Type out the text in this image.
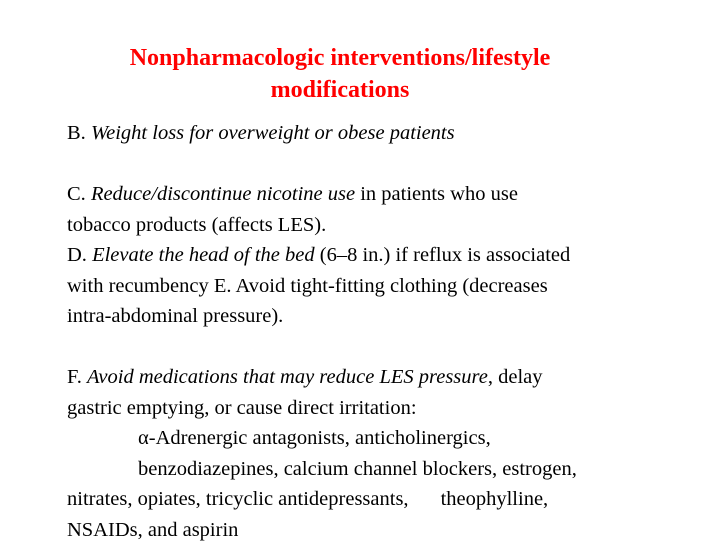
Nonpharmacologic interventions/lifestyle
modifications

B. Weight loss for overweight or obese patients

C. Reduce/discontinue nicotine use in patients who use
tobacco products (affects LES).

D. Elevate the head of the bed (6–8 in.) if reflux is associated
with recumbency E. Avoid tight-fitting clothing (decreases
intra-abdominal pressure).

F. Avoid medications that may reduce LES pressure, delay
gastric emptying, or cause direct irritation:
α-Adrenergic antagonists, anticholinergics,
benzodiazepines, calcium channel blockers, estrogen,
nitrates, opiates, tricyclic antidepressants, theophylline,
NSAIDs, and aspirin
